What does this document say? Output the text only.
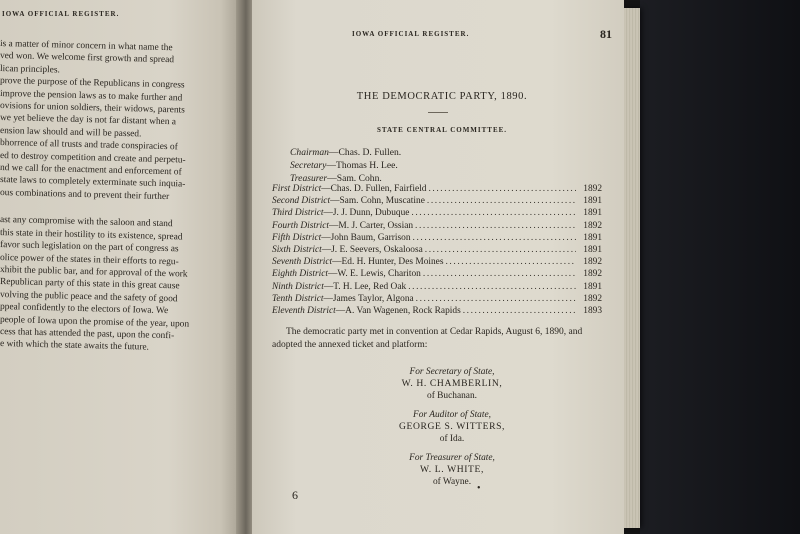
IOWA OFFICIAL REGISTER.
is a matter of minor concern in what name the
ved won. We welcome first growth and spread
lican principles.
prove the purpose of the Republicans in congress
improve the pension laws as to make further and
ovisions for union soldiers, their widows, parents
we yet believe the day is not far distant when a
ension law should and will be passed.
bhorrence of all trusts and trade conspiracies of
ed to destroy competition and create and perpetu-
nd we call for the enactment and enforcement of
state laws to completely exterminate such inquia-
ous combinations and to prevent their further
ast any compromise with the saloon and stand
this state in their hostility to its existence, spread
favor such legislation on the part of congress as
olice power of the states in their efforts to regu-
xhibit the public bar, and for approval of the work
Republican party of this state in this great cause
volving the public peace and the safety of good
ppeal confidently to the electors of Iowa. We
people of Iowa upon the promise of the year, upon
cess that has attended the past, upon the confi-
e with which the state awaits the future.
IOWA OFFICIAL REGISTER.	81
THE DEMOCRATIC PARTY, 1890.
STATE CENTRAL COMMITTEE.
Chairman—Chas. D. Fullen.
Secretary—Thomas H. Lee.
Treasurer—Sam. Cohn.
First District — Chas. D. Fullen, Fairfield .....	1892
Second District — Sam. Cohn, Muscatine .....	1891
Third District — J. J. Dunn, Dubuque .....	1891
Fourth District — M. J. Carter, Ossian .....	1892
Fifth District — John Baum, Garrison .....	1891
Sixth District — J. E. Seevers, Oskaloosa .....	1891
Seventh District — Ed. H. Hunter, Des Moines .....	1892
Eighth District — W. E. Lewis, Chariton .....	1892
Ninth District — T. H. Lee, Red Oak .....	1891
Tenth District — James Taylor, Algona .....	1892
Eleventh District — A. Van Wagenen, Rock Rapids .....	1893
The democratic party met in convention at Cedar Rapids, August 6, 1890, and adopted the annexed ticket and platform:
For Secretary of State,
W. H. CHAMBERLIN,
of Buchanan.
For Auditor of State,
GEORGE S. WITTERS,
of Ida.
For Treasurer of State,
W. L. WHITE,
of Wayne.
6	•
